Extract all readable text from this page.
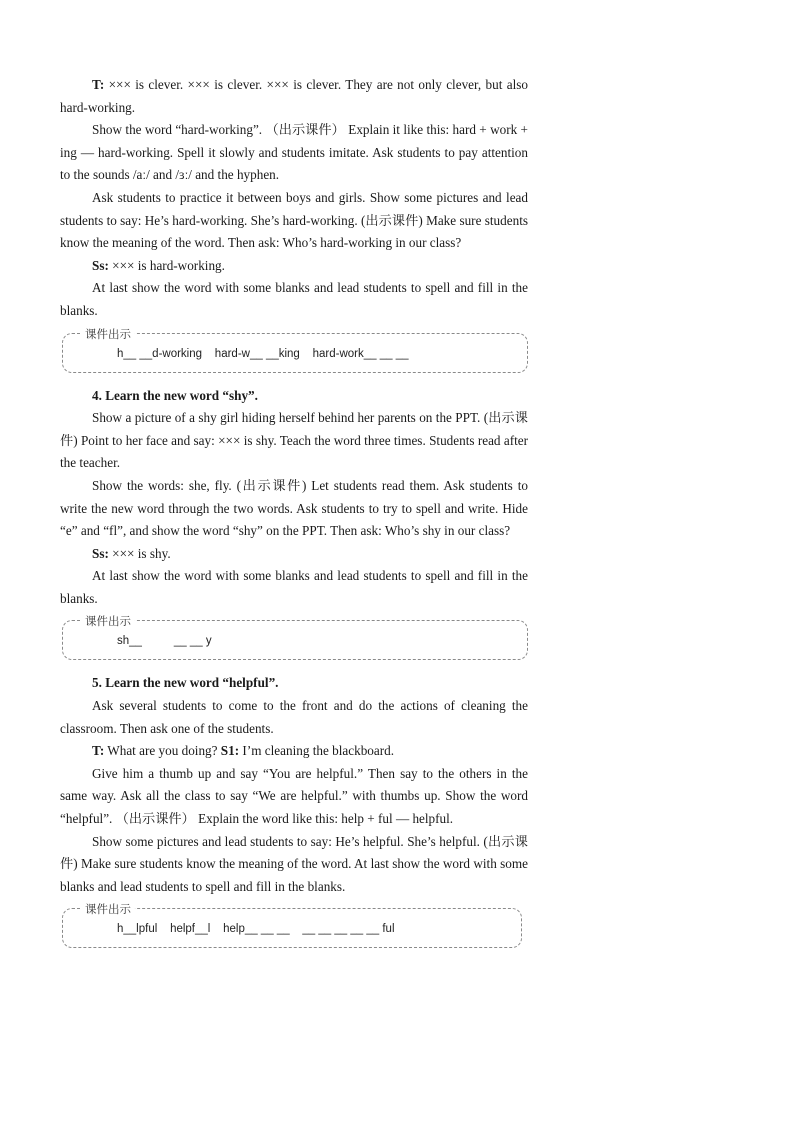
T: ××× is clever. ××× is clever. ××× is clever. They are not only clever, but also hard-working.

Show the word “hard-working”. （出示课件） Explain it like this: hard + work + ing — hard-working. Spell it slowly and students imitate. Ask students to pay attention to the sounds /aː/ and /ɜː/ and the hyphen.

Ask students to practice it between boys and girls. Show some pictures and lead students to say: He’s hard-working. She’s hard-working. (出示课件) Make sure students know the meaning of the word. Then ask: Who’s hard-working in our class?

Ss: ××× is hard-working.

At last show the word with some blanks and lead students to spell and fill in the blanks.

课件出示
h__ __d-working    hard-w__ __king    hard-work__ __ __

4. Learn the new word “shy”.

Show a picture of a shy girl hiding herself behind her parents on the PPT. (出示课件) Point to her face and say: ××× is shy. Teach the word three times. Students read after the teacher.

Show the words: she, fly. (出示课件) Let students read them. Ask students to write the new word through the two words. Ask students to try to spell and write. Hide “e” and “fl”, and show the word “shy” on the PPT. Then ask: Who’s shy in our class?

Ss: ××× is shy.

At last show the word with some blanks and lead students to spell and fill in the blanks.

课件出示
sh__          __ __ y

5. Learn the new word “helpful”.

Ask several students to come to the front and do the actions of cleaning the classroom. Then ask one of the students.

T: What are you doing? S1: I’m cleaning the blackboard.

Give him a thumb up and say “You are helpful.” Then say to the others in the same way. Ask all the class to say “We are helpful.” with thumbs up. Show the word “helpful”. （出示课件） Explain the word like this: help + ful — helpful.

Show some pictures and lead students to say: He’s helpful. She’s helpful. (出示课件) Make sure students know the meaning of the word. At last show the word with some blanks and lead students to spell and fill in the blanks.

课件出示
h__lpful    helpf__l    help__ __ __    __ __ __ __ __ ful
